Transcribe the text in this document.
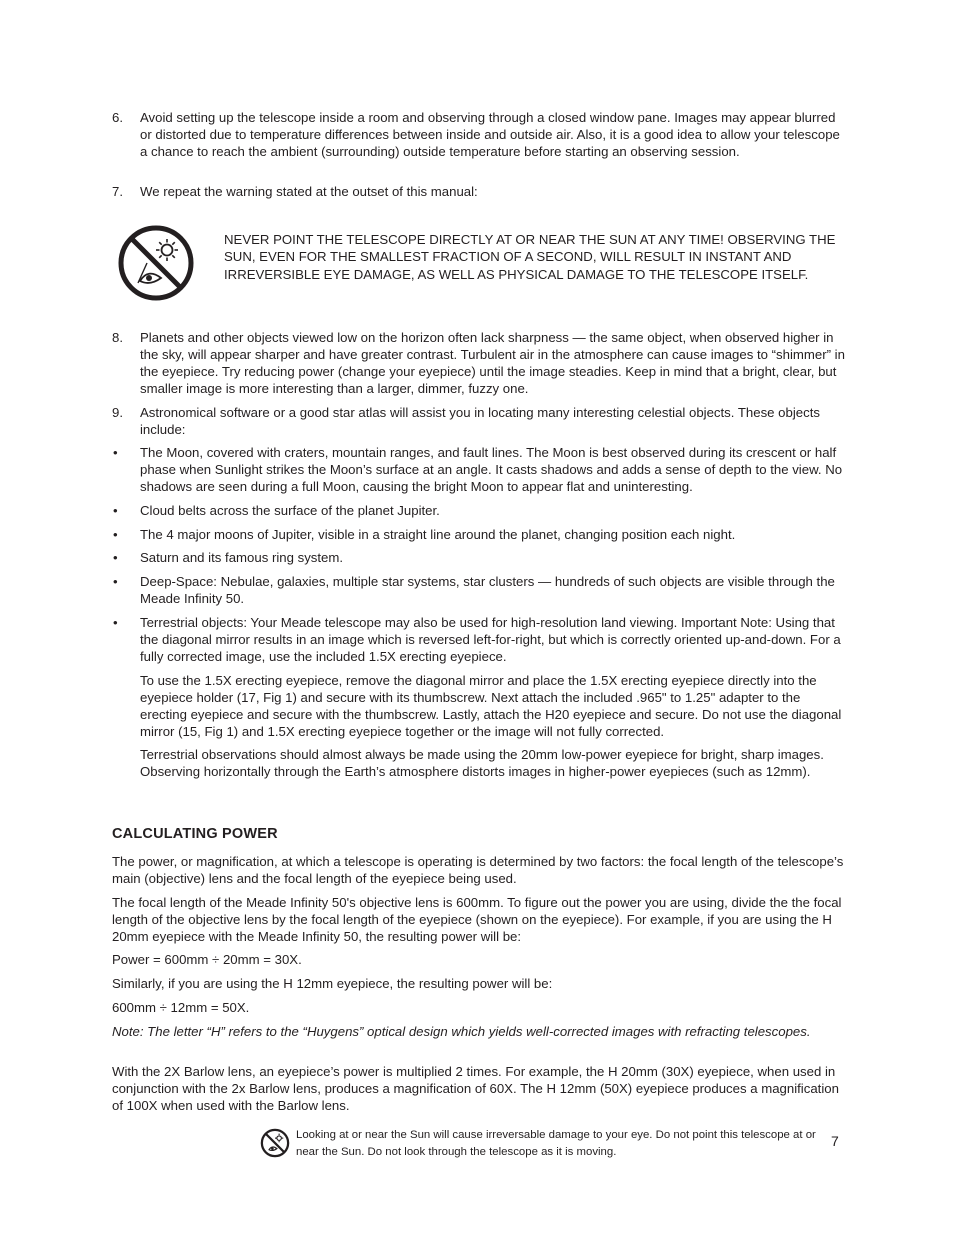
6. Avoid setting up the telescope inside a room and observing through a closed window pane. Images may appear blurred or distorted due to temperature differences between inside and outside air. Also, it is a good idea to allow your telescope a chance to reach the ambient (surrounding) outside temperature before starting an observing session.

7. We repeat the warning stated at the outset of this manual:

NEVER POINT THE TELESCOPE DIRECTLY AT OR NEAR THE SUN AT ANY TIME! OBSERVING THE SUN, EVEN FOR THE SMALLEST FRACTION OF A SECOND, WILL RESULT IN INSTANT AND IRREVERSIBLE EYE DAMAGE, AS WELL AS PHYSICAL DAMAGE TO THE TELESCOPE ITSELF.
8. Planets and other objects viewed low on the horizon often lack sharpness — the same object, when observed higher in the sky, will appear sharper and have greater contrast. Turbulent air in the atmosphere can cause images to “shimmer” in the eyepiece. Try reducing power (change your eyepiece) until the image steadies. Keep in mind that a bright, clear, but smaller image is more interesting than a larger, dimmer, fuzzy one.

9. Astronomical software or a good star atlas will assist you in locating many interesting celestial objects. These objects include:

• The Moon, covered with craters, mountain ranges, and fault lines. The Moon is best observed during its crescent or half phase when Sunlight strikes the Moon’s surface at an angle. It casts shadows and adds a sense of depth to the view. No shadows are seen during a full Moon, causing the bright Moon to appear flat and uninteresting.

• Cloud belts across the surface of the planet Jupiter.

• The 4 major moons of Jupiter, visible in a straight line around the planet, changing position each night.

• Saturn and its famous ring system.

• Deep-Space: Nebulae, galaxies, multiple star systems, star clusters — hundreds of such objects are visible through the Meade Infinity 50.

• Terrestrial objects: Your Meade telescope may also be used for high-resolution land viewing. Important Note: Using that the diagonal mirror results in an image which is reversed left-for-right, but which is correctly oriented up-and-down. For a fully corrected image, use the included 1.5X erecting eyepiece.

To use the 1.5X erecting eyepiece, remove the diagonal mirror and place the 1.5X erecting eyepiece directly into the eyepiece holder (17, Fig 1) and secure with its thumbscrew. Next attach the included .965" to 1.25" adapter to the erecting eyepiece and secure with the thumbscrew. Lastly, attach the H20 eyepiece and secure. Do not use the diagonal mirror (15, Fig 1) and 1.5X erecting eyepiece together or the image will not fully corrected.

Terrestrial observations should almost always be made using the 20mm low-power eyepiece for bright, sharp images. Observing horizontally through the Earth’s atmosphere distorts images in higher-power eyepieces (such as 12mm).

CALCULATING POWER

The power, or magnification, at which a telescope is operating is determined by two factors: the focal length of the telescope’s main (objective) lens and the focal length of the eyepiece being used.

The focal length of the Meade Infinity 50's objective lens is 600mm. To figure out the power you are using, divide the the focal length of the objective lens by the focal length of the eyepiece (shown on the eyepiece). For example, if you are using the H 20mm eyepiece with the Meade Infinity 50, the resulting power will be:

Power = 600mm ÷ 20mm = 30X.

Similarly, if you are using the H 12mm eyepiece, the resulting power will be:

600mm ÷ 12mm = 50X.

Note: The letter “H” refers to the “Huygens” optical design which yields well-corrected images with refracting telescopes.

With the 2X Barlow lens, an eyepiece’s power is multiplied 2 times. For example, the H 20mm (30X) eyepiece, when used in conjunction with the 2x Barlow lens, produces a magnification of 60X. The H 12mm (50X) eyepiece produces a magnification of 100X when used with the Barlow lens.

Looking at or near the Sun will cause irreversable damage to your eye. Do not point this telescope at or near the Sun. Do not look through the telescope as it is moving.
7
